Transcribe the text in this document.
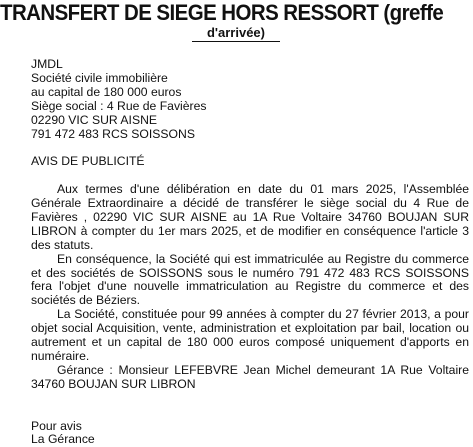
TRANSFERT DE SIEGE HORS RESSORT (greffe
d'arrivée)
JMDL
Société civile immobilière
au capital de 180 000 euros
Siège social : 4 Rue de Favières
02290 VIC SUR AISNE
791 472 483 RCS SOISSONS
AVIS DE PUBLICITÉ

Aux termes d'une délibération en date du 01 mars 2025, l'Assemblée Générale Extraordinaire a décidé de transférer le siège social du 4 Rue de Favières , 02290 VIC SUR AISNE au 1A Rue Voltaire 34760 BOUJAN SUR LIBRON à compter du 1er mars 2025, et de modifier en conséquence l'article 3 des statuts.

En conséquence, la Société qui est immatriculée au Registre du commerce et des sociétés de SOISSONS sous le numéro 791 472 483 RCS SOISSONS fera l'objet d'une nouvelle immatriculation au Registre du commerce et des sociétés de Béziers.

La Société, constituée pour 99 années à compter du 27 février 2013, a pour objet social Acquisition, vente, administration et exploitation par bail, location ou autrement et un capital de 180 000 euros composé uniquement d'apports en numéraire.

Gérance : Monsieur LEFEBVRE Jean Michel demeurant 1A Rue Voltaire 34760 BOUJAN SUR LIBRON

Pour avis
La Gérance
